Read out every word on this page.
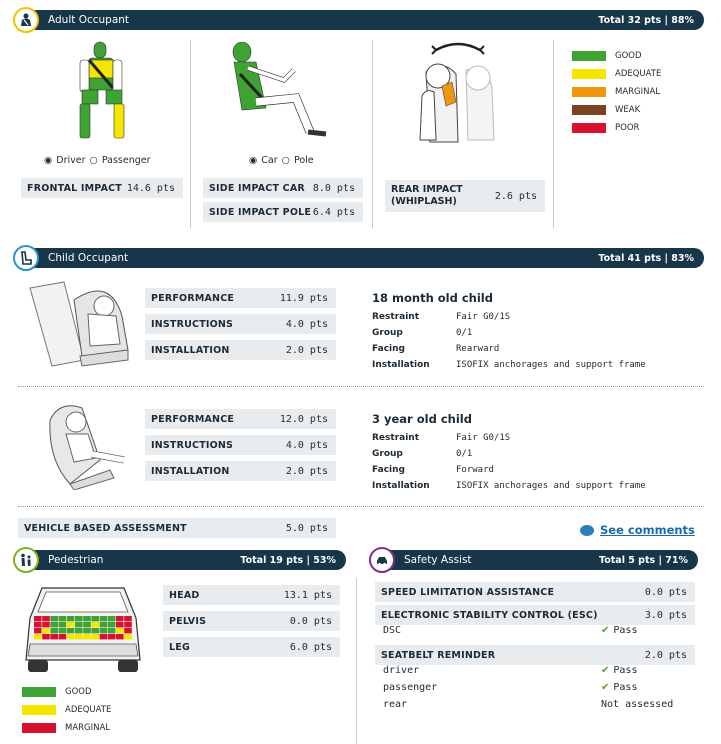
Adult Occupant	Total 32 pts | 88%
◉ Driver ○ Passenger
FRONTAL IMPACT 14.6 pts
◉ Car ○ Pole
SIDE IMPACT CAR 8.0 pts
SIDE IMPACT POLE 6.4 pts
REAR IMPACT
(WHIPLASH)	2.6 pts
GOOD
ADEQUATE
MARGINAL
WEAK
POOR
Child Occupant	Total 41 pts | 83%
PERFORMANCE	11.9 pts
INSTRUCTIONS	4.0 pts
INSTALLATION	2.0 pts
18 month old child
Restraint	Fair G0/1S
Group	0/1
Facing	Rearward
Installation	ISOFIX anchorages and support frame
PERFORMANCE	12.0 pts
INSTRUCTIONS	4.0 pts
INSTALLATION	2.0 pts
3 year old child
Restraint	Fair G0/1S
Group	0/1
Facing	Forward
Installation	ISOFIX anchorages and support frame
VEHICLE BASED ASSESSMENT	5.0 pts	See comments
Pedestrian	Total 19 pts | 53%
HEAD	13.1 pts
PELVIS	0.0 pts
LEG	6.0 pts
GOOD
ADEQUATE
MARGINAL
Safety Assist	Total 5 pts | 71%
SPEED LIMITATION ASSISTANCE	0.0 pts
ELECTRONIC STABILITY CONTROL (ESC)	3.0 pts
DSC	✔ Pass
SEATBELT REMINDER	2.0 pts
driver	✔ Pass
passenger	✔ Pass
rear	Not assessed
